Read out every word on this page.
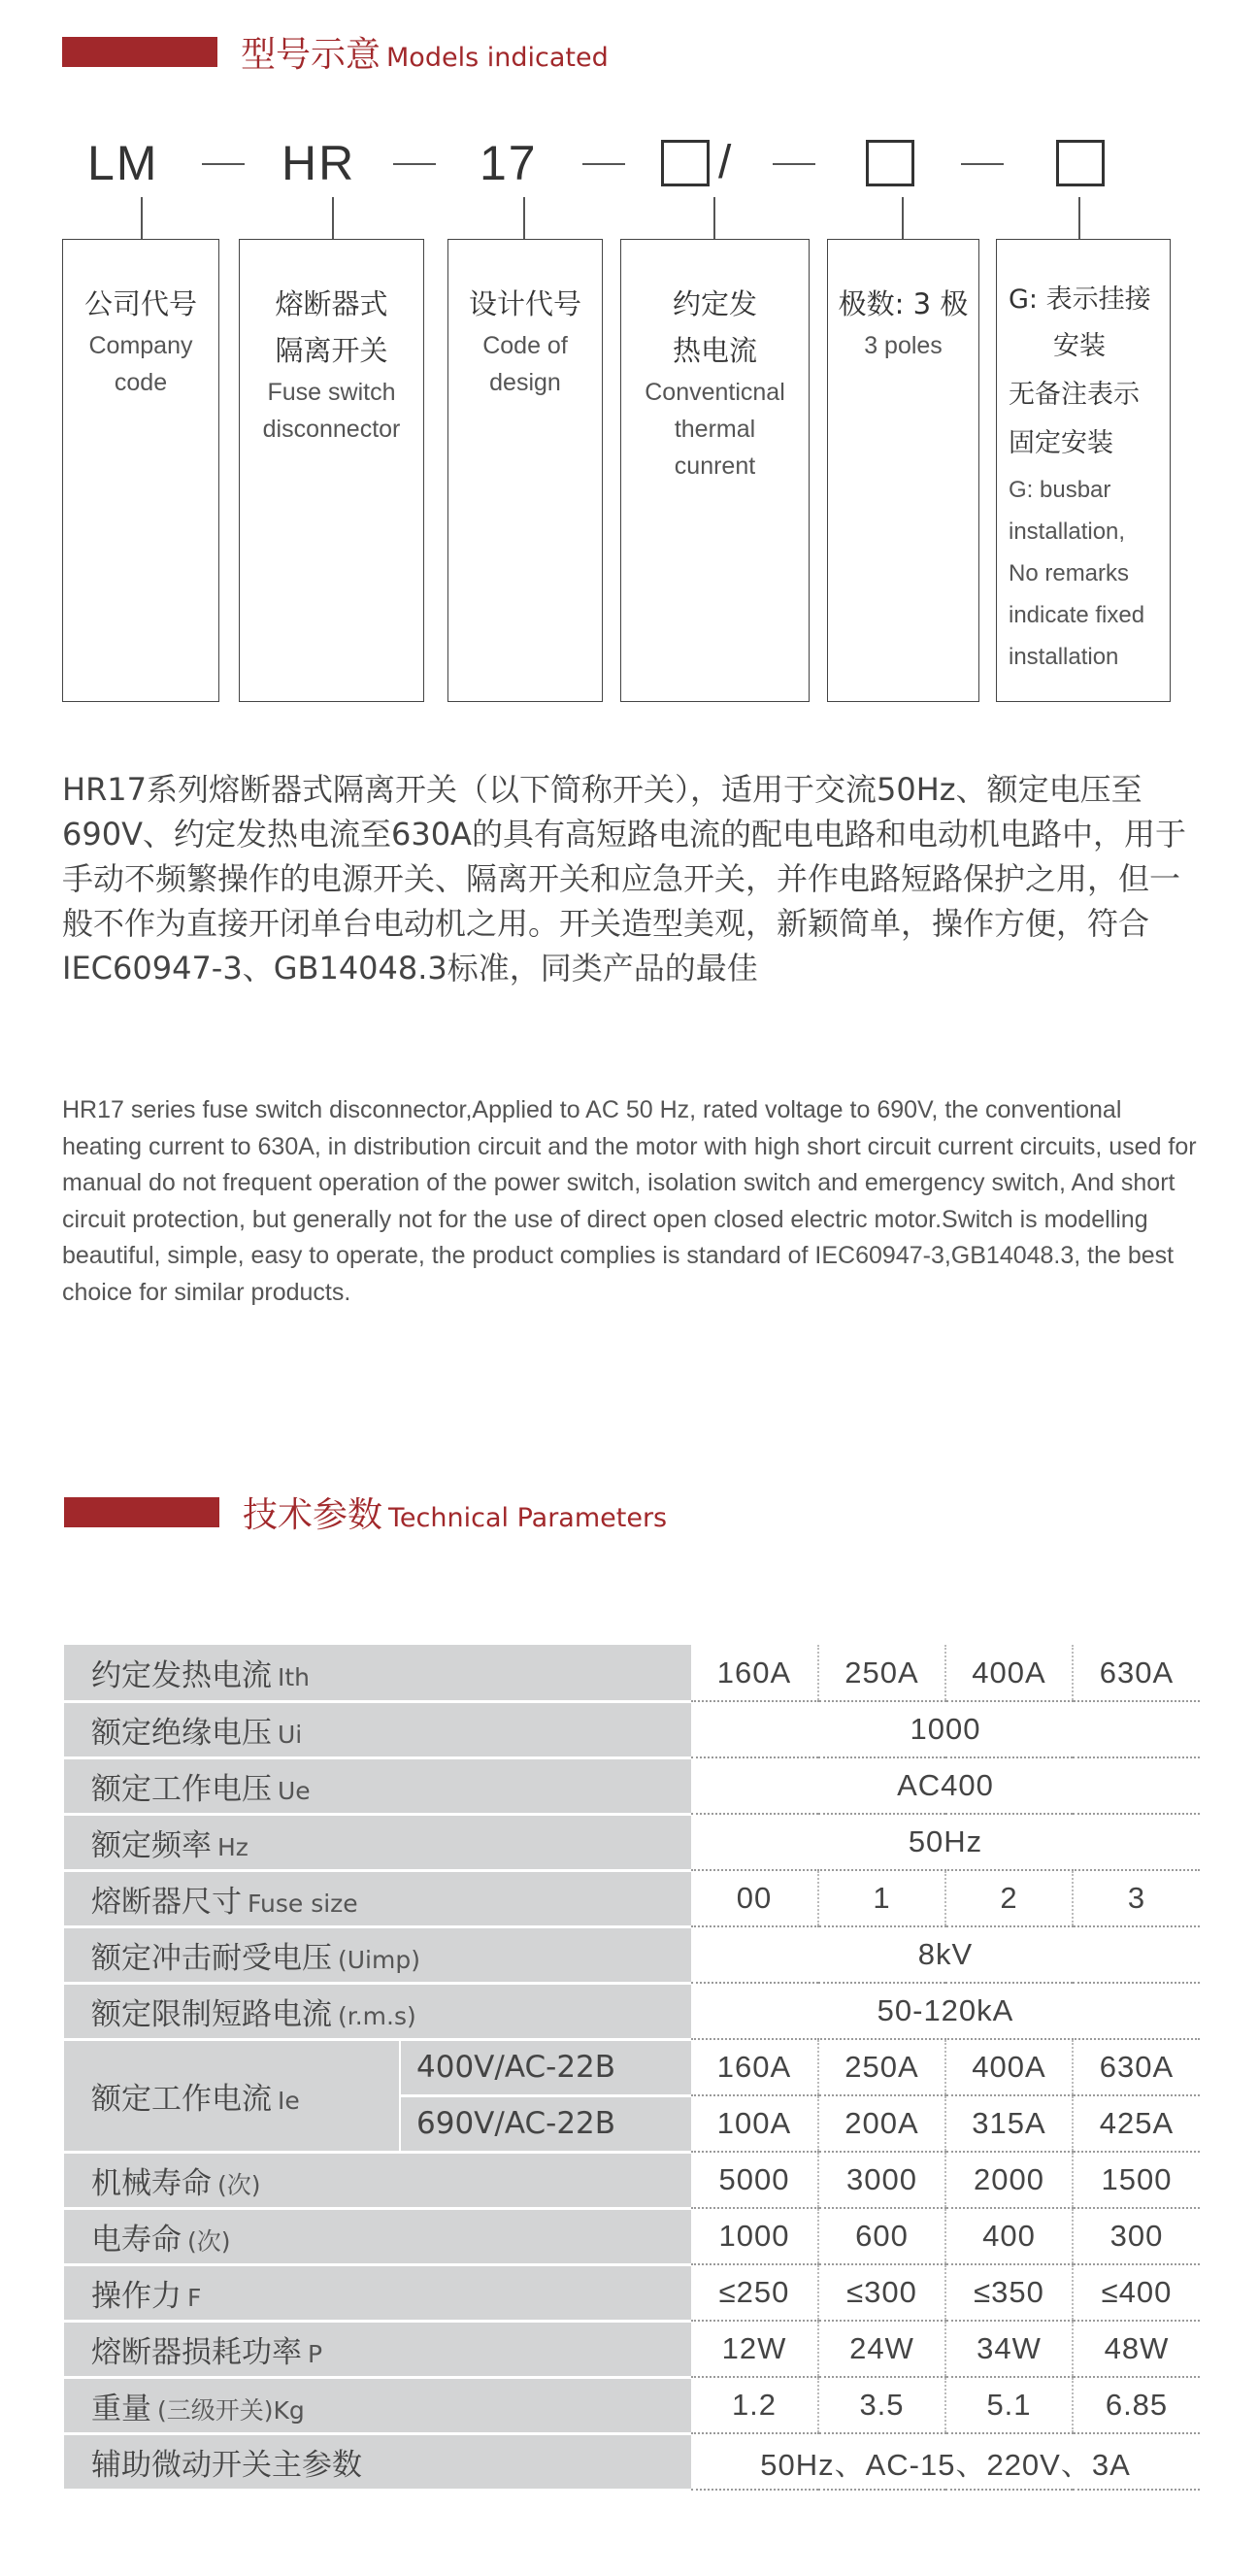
型号示意 Models indicated
LM	HR	17	/
公司代号
Company code
熔断器式
隔离开关
Fuse switch
disconnector
设计代号
Code of
design
约定发
热电流
Conventicnal
thermal
cunrent
极数: 3 极
3 poles
G: 表示挂接
安装
无备注表示
固定安装
G: busbar
installation,
No remarks
indicate fixed
installation

HR17系列熔断器式隔离开关（以下简称开关），适用于交流50Hz、额定电压至690V、约定发热电流至630A的具有高短路电流的配电电路和电动机电路中，用于手动不频繁操作的电源开关、隔离开关和应急开关，并作电路短路保护之用，但一般不作为直接开闭单台电动机之用。开关造型美观，新颖简单，操作方便，符合IEC60947-3、GB14048.3标准，同类产品的最佳

HR17 series fuse switch disconnector,Applied to AC 50 Hz, rated voltage to 690V, the conventional heating current to 630A, in distribution circuit and the motor with high short circuit current circuits, used for manual do not frequent operation of the power switch, isolation switch and emergency switch, And short circuit protection, but generally not for the use of direct open closed electric motor.Switch is modelling beautiful, simple, easy to operate, the product complies is standard of IEC60947-3,GB14048.3, the best choice for similar products.

技术参数 Technical Parameters
约定发热电流 Ith		160A	250A	400A	630A
额定绝缘电压 Ui		1000			
额定工作电压 Ue		AC400			
额定频率 Hz		50Hz			
熔断器尺寸 Fuse size		00	1	2	3
额定冲击耐受电压 (Uimp)		8kV			
额定限制短路电流 (r.m.s)		50-120kA			
额定工作电流 Ie	400V/AC-22B	160A	250A	400A	630A
	690V/AC-22B	100A	200A	315A	425A
机械寿命 (次)		5000	3000	2000	1500
电寿命 (次)		1000	600	400	300
操作力 F		≤250	≤300	≤350	≤400
熔断器损耗功率 P		12W	24W	34W	48W
重量 (三级开关)Kg		1.2	3.5	5.1	6.85
辅助微动开关主参数		50Hz、AC-15、220V、3A			
